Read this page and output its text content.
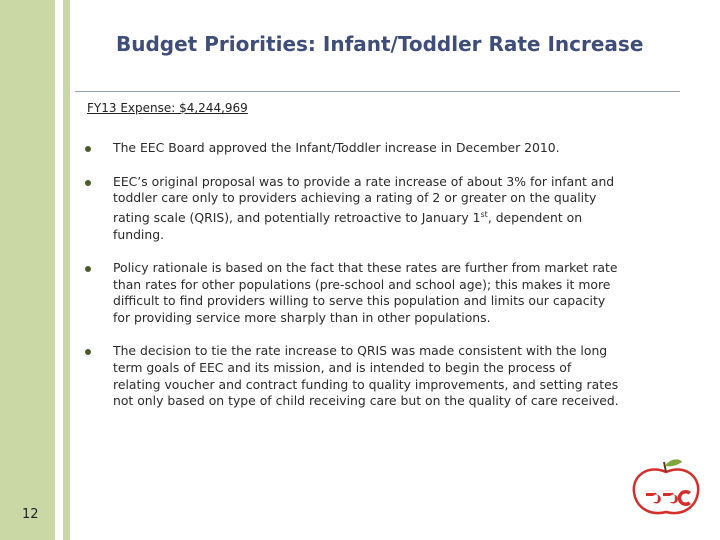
Budget Priorities: Infant/Toddler Rate Increase
FY13 Expense: $4,244,969
The EEC Board approved the Infant/Toddler increase in December 2010.
EEC’s original proposal was to provide a rate increase of about 3% for infant and toddler care only to providers achieving a rating of 2 or greater on the quality rating scale (QRIS), and potentially retroactive to January 1st, dependent on funding.
Policy rationale is based on the fact that these rates are further from market rate than rates for other populations (pre-school and school age); this makes it more difficult to find providers willing to serve this population and limits our capacity for providing service more sharply than in other populations.
The decision to tie the rate increase to QRIS was made consistent with the long term goals of EEC and its mission, and is intended to begin the process of relating voucher and contract funding to quality improvements, and setting rates not only based on type of child receiving care but on the quality of care received.
12
